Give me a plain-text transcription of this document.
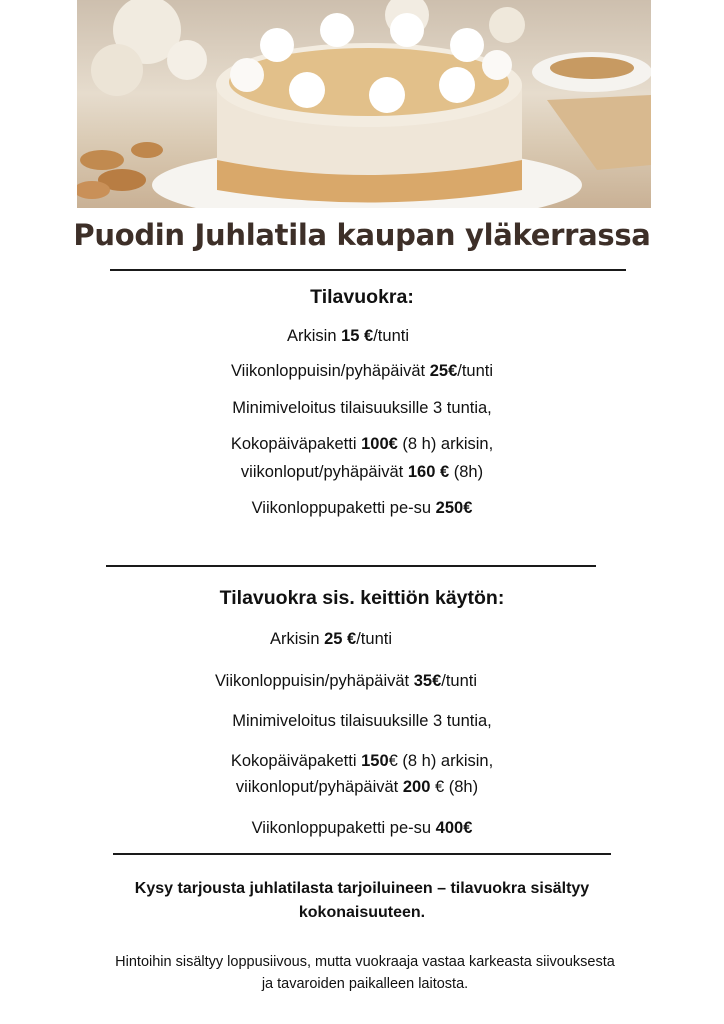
Puodin Juhlatila kaupan yläkerrassa
Tilavuokra:

Arkisin 15 €/tunti

Viikonloppuisin/pyhäpäivät 25€/tunti

Minimiveloitus tilaisuuksille 3 tuntia,

Kokopäiväpaketti 100€ (8 h) arkisin,

viikonloput/pyhäpäivät 160 € (8h)

Viikonloppupaketti pe-su 250€

Tilavuokra sis. keittiön käytön:

Arkisin 25 €/tunti

Viikonloppuisin/pyhäpäivät 35€/tunti

Minimiveloitus tilaisuuksille 3 tuntia,

Kokopäiväpaketti 150€ (8 h) arkisin,

viikonloput/pyhäpäivät 200 € (8h)

Viikonloppupaketti pe-su 400€

Kysy tarjousta juhlatilasta tarjoiluineen – tilavuokra sisältyy kokonaisuuteen.

Hintoihin sisältyy loppusiivous, mutta vuokraaja vastaa karkeasta siivouksesta ja tavaroiden paikalleen laitosta.
